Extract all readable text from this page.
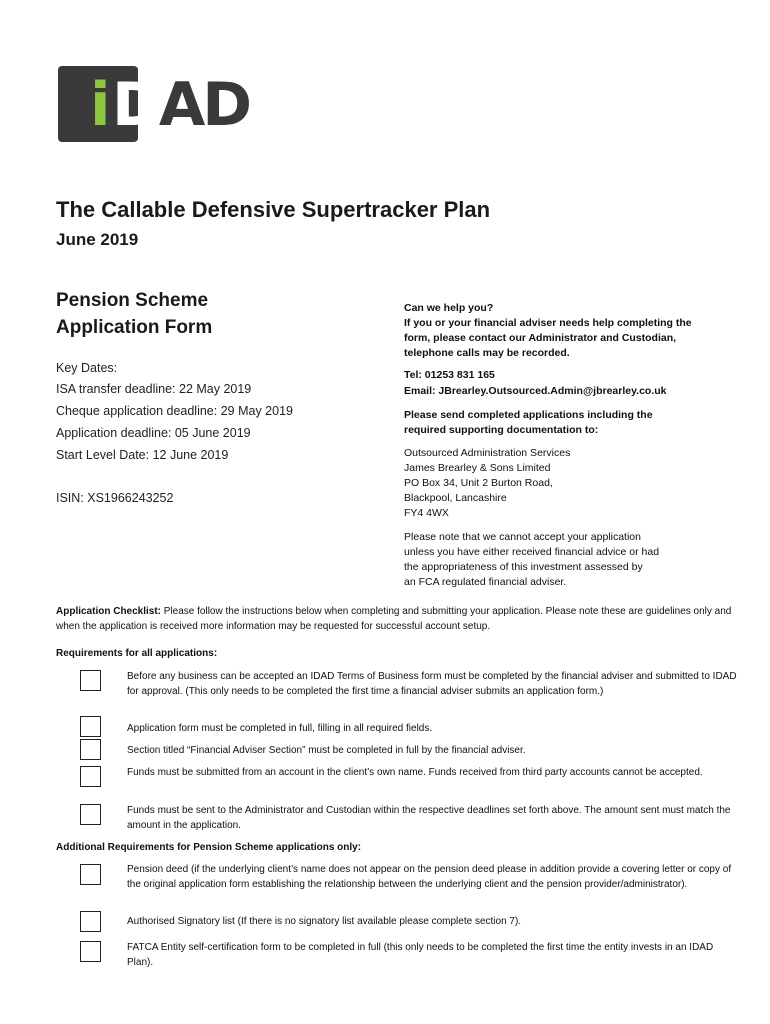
i DAD
The Callable Defensive Supertracker Plan
June 2019
Pension Scheme
Application Form
Key Dates:
ISA transfer deadline: 22 May 2019
Cheque application deadline: 29 May 2019
Application deadline: 05 June 2019
Start Level Date: 12 June 2019
ISIN: XS1966243252
Can we help you?
If you or your financial adviser needs help completing the
form, please contact our Administrator and Custodian,
telephone calls may be recorded.
Tel: 01253 831 165
Email: JBrearley.Outsourced.Admin@jbrearley.co.uk
Please send completed applications including the
required supporting documentation to:
Outsourced Administration Services
James Brearley & Sons Limited
PO Box 34, Unit 2 Burton Road,
Blackpool, Lancashire
FY4 4WX
Please note that we cannot accept your application
unless you have either received financial advice or had
the appropriateness of this investment assessed by
an FCA regulated financial adviser.
Application Checklist: Please follow the instructions below when completing and submitting your application. Please note these are guidelines only and when the application is received more information may be requested for successful account setup.
Requirements for all applications:
Before any business can be accepted an IDAD Terms of Business form must be completed by the financial adviser and submitted to IDAD for approval. (This only needs to be completed the first time a financial adviser submits an application form.)
Application form must be completed in full, filling in all required fields.
Section titled “Financial Adviser Section” must be completed in full by the financial adviser.
Funds must be submitted from an account in the client’s own name. Funds received from third party accounts cannot be accepted.
Funds must be sent to the Administrator and Custodian within the respective deadlines set forth above. The amount sent must match the amount in the application.
Additional Requirements for Pension Scheme applications only:
Pension deed (if the underlying client’s name does not appear on the pension deed please in addition provide a covering letter or copy of the original application form establishing the relationship between the underlying client and the pension provider/administrator).
Authorised Signatory list (If there is no signatory list available please complete section 7).
FATCA Entity self-certification form to be completed in full (this only needs to be completed the first time the entity invests in an IDAD Plan).
